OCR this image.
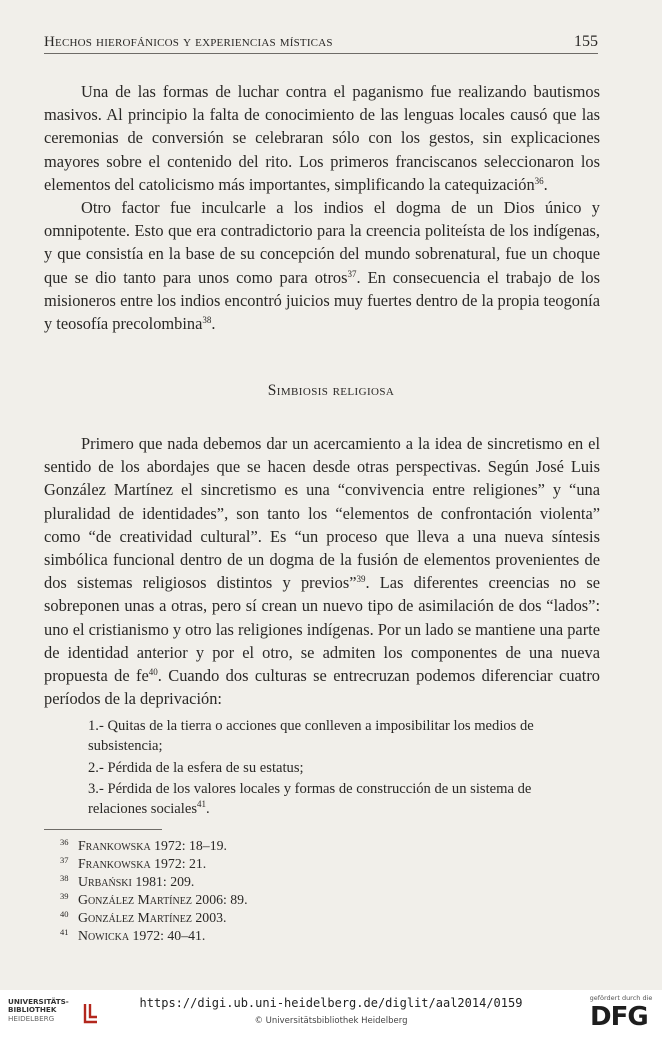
Hechos hierofánicos y experiencias místicas	155

Una de las formas de luchar contra el paganismo fue realizando bautismos masivos. Al principio la falta de conocimiento de las lenguas locales causó que las ceremonias de conversión se celebraran sólo con los gestos, sin explicaciones mayores sobre el contenido del rito. Los primeros franciscanos seleccionaron los elementos del catolicismo más importantes, simplificando la catequización$^{36}$.

Otro factor fue inculcarle a los indios el dogma de un Dios único y omnipotente. Esto que era contradictorio para la creencia politeísta de los indígenas, y que consistía en la base de su concepción del mundo sobrenatural, fue un choque que se dio tanto para unos como para otros$^{37}$. En consecuencia el trabajo de los misioneros entre los indios encontró juicios muy fuertes dentro de la propia teogonía y teosofía precolombina$^{38}$.

Simbiosis religiosa

Primero que nada debemos dar un acercamiento a la idea de sincretismo en el sentido de los abordajes que se hacen desde otras perspectivas. Según José Luis González Martínez el sincretismo es una “convivencia entre religiones” y “una pluralidad de identidades”, son tanto los “elementos de confrontación violenta” como “de creatividad cultural”. Es “un proceso que lleva a una nueva síntesis simbólica funcional dentro de un dogma de la fusión de elementos provenientes de dos sistemas religiosos distintos y previos”$^{39}$. Las diferentes creencias no se sobreponen unas a otras, pero sí crean un nuevo tipo de asimilación de dos “lados”: uno el cristianismo y otro las religiones indígenas. Por un lado se mantiene una parte de identidad anterior y por el otro, se admiten los componentes de una nueva propuesta de $fe^{40}$. Cuando dos culturas se entrecruzan podemos diferenciar cuatro períodos de la deprivación:

1.- Quitas de la tierra o acciones que conlleven a imposibilitar los medios de subsistencia;
2.- Pérdida de la esfera de su estatus;
3.- Pérdida de los valores locales y formas de construcción de un sistema de relaciones sociales$^{41}$.
36 Frankowska 1972: 18–19.
37 Frankowska 1972: 21.
38 Urbański 1981: 209.
39 González Martínez 2006: 89.
40 González Martínez 2003.
41 Nowicka 1972: 40–41.
UNIVERSITÄTS-
BIBLIOTHEK
HEIDELBERG
https://digi.ub.uni-heidelberg.de/diglit/aal2014/0159
© Universitätsbibliothek Heidelberg
gefördert durch die
DFG
